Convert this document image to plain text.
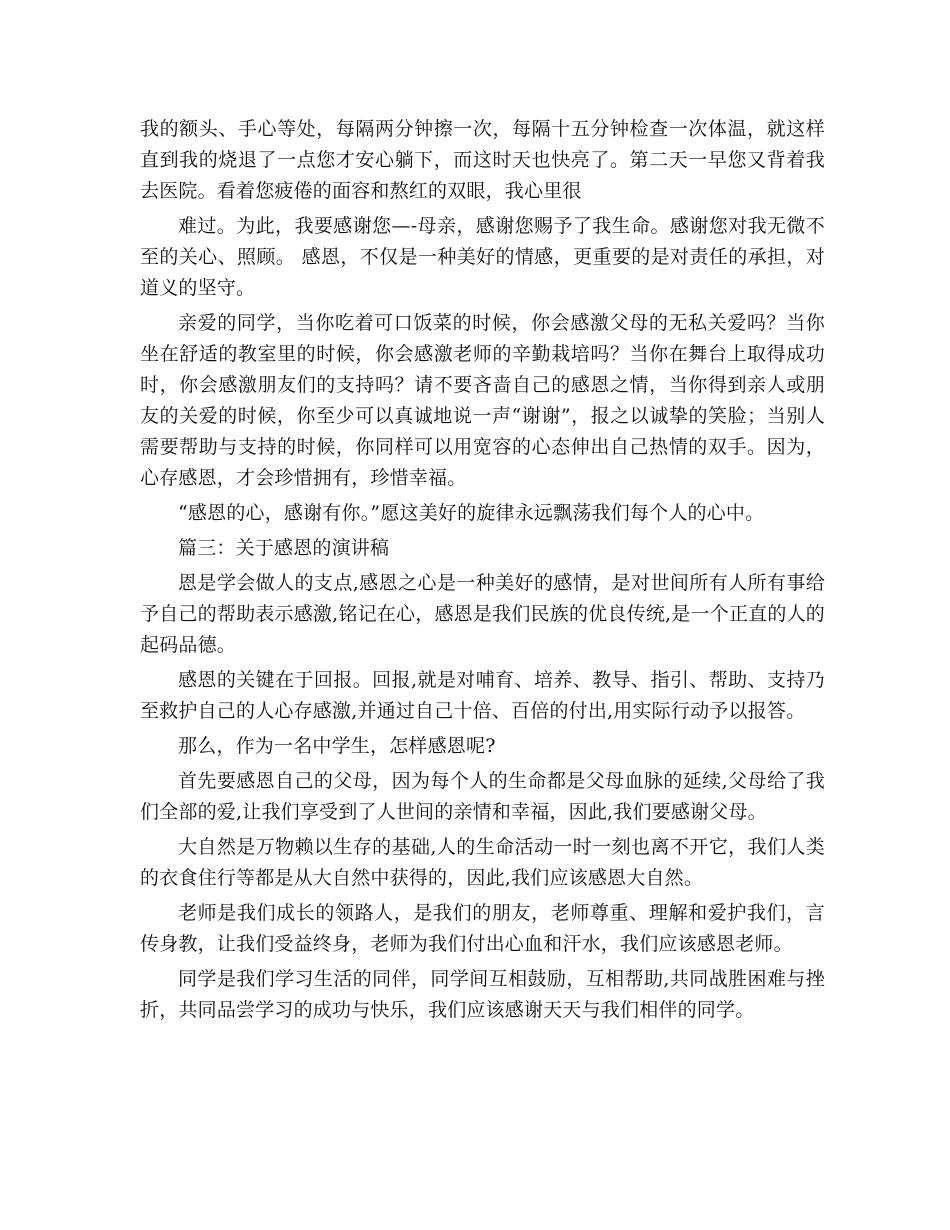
我的额头、手心等处，每隔两分钟擦一次，每隔十五分钟检查一次体温，就这样直到我的烧退了一点您才安心躺下，而这时天也快亮了。第二天一早您又背着我去医院。看着您疲倦的面容和熬红的双眼，我心里很

难过。为此，我要感谢您—-母亲，感谢您赐予了我生命。感谢您对我无微不至的关心、照顾。 感恩，不仅是一种美好的情感，更重要的是对责任的承担，对道义的坚守。

亲爱的同学，当你吃着可口饭菜的时候，你会感激父母的无私关爱吗？当你坐在舒适的教室里的时候，你会感激老师的辛勤栽培吗？当你在舞台上取得成功时，你会感激朋友们的支持吗？请不要吝啬自己的感恩之情，当你得到亲人或朋友的关爱的时候，你至少可以真诚地说一声“谢谢”，报之以诚挚的笑脸；当别人需要帮助与支持的时候，你同样可以用宽容的心态伸出自己热情的双手。因为，心存感恩，才会珍惜拥有，珍惜幸福。

“感恩的心，感谢有你。”愿这美好的旋律永远飘荡我们每个人的心中。

篇三：关于感恩的演讲稿

恩是学会做人的支点,感恩之心是一种美好的感情，是对世间所有人所有事给予自己的帮助表示感激,铭记在心，感恩是我们民族的优良传统,是一个正直的人的起码品德。

感恩的关键在于回报。回报,就是对哺育、培养、教导、指引、帮助、支持乃至救护自己的人心存感激,并通过自己十倍、百倍的付出,用实际行动予以报答。

那么，作为一名中学生，怎样感恩呢?

首先要感恩自己的父母，因为每个人的生命都是父母血脉的延续,父母给了我们全部的爱,让我们享受到了人世间的亲情和幸福，因此,我们要感谢父母。

大自然是万物赖以生存的基础,人的生命活动一时一刻也离不开它，我们人类的衣食住行等都是从大自然中获得的，因此,我们应该感恩大自然。

老师是我们成长的领路人，是我们的朋友，老师尊重、理解和爱护我们，言传身教，让我们受益终身，老师为我们付出心血和汗水，我们应该感恩老师。

同学是我们学习生活的同伴，同学间互相鼓励，互相帮助,共同战胜困难与挫折，共同品尝学习的成功与快乐，我们应该感谢天天与我们相伴的同学。
